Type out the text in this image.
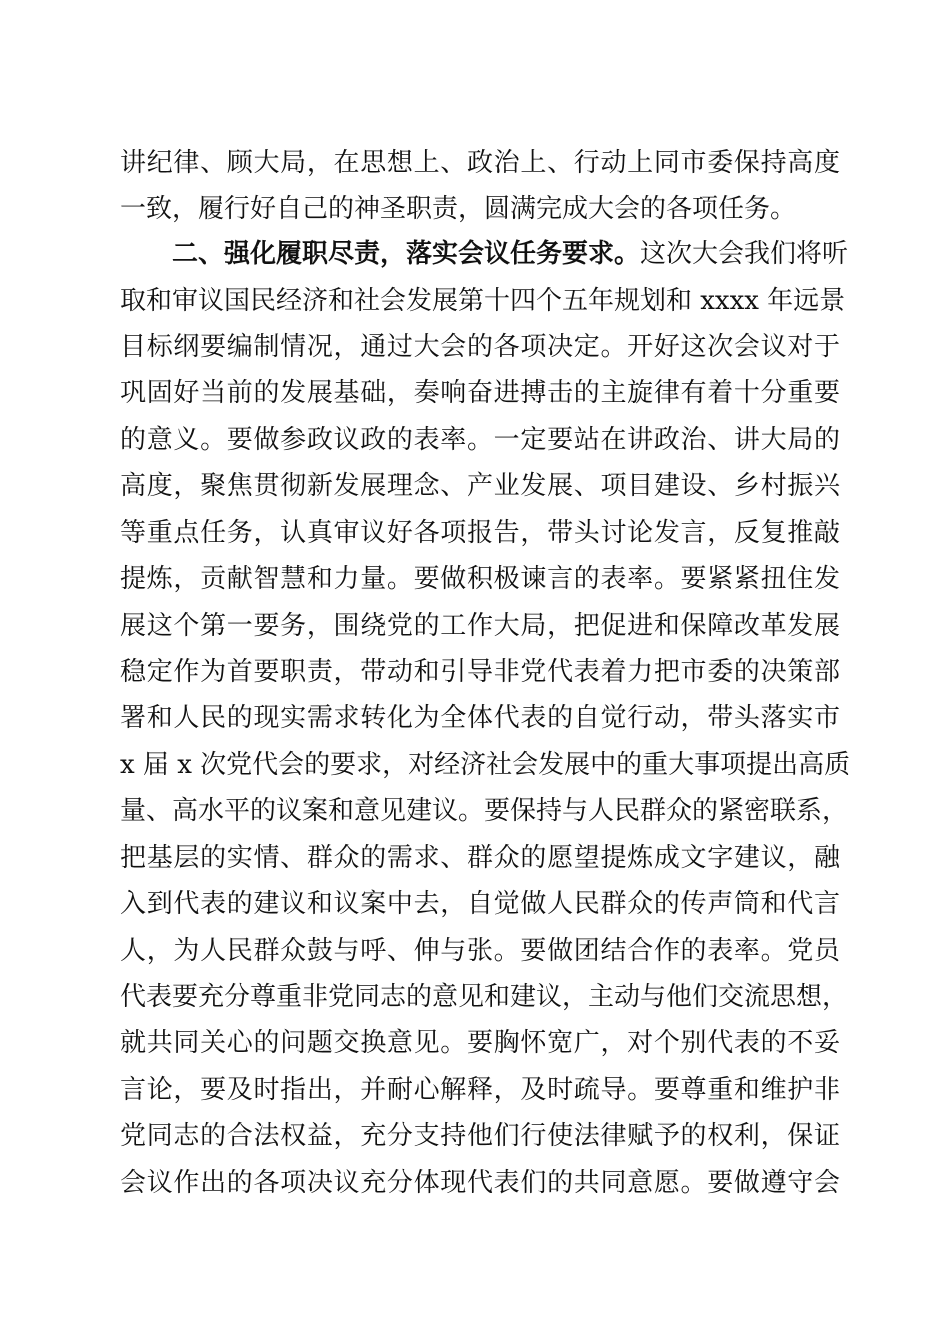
讲纪律、顾大局，在思想上、政治上、行动上同市委保持高度
一致，履行好自己的神圣职责，圆满完成大会的各项任务。
二、强化履职尽责，落实会议任务要求。这次大会我们将听
取和审议国民经济和社会发展第十四个五年规划和 xxxx 年远景
目标纲要编制情况，通过大会的各项决定。开好这次会议对于
巩固好当前的发展基础，奏响奋进搏击的主旋律有着十分重要
的意义。要做参政议政的表率。一定要站在讲政治、讲大局的
高度，聚焦贯彻新发展理念、产业发展、项目建设、乡村振兴
等重点任务，认真审议好各项报告，带头讨论发言，反复推敲
提炼，贡献智慧和力量。要做积极谏言的表率。要紧紧扭住发
展这个第一要务，围绕党的工作大局，把促进和保障改革发展
稳定作为首要职责，带动和引导非党代表着力把市委的决策部
署和人民的现实需求转化为全体代表的自觉行动，带头落实市
x 届 x 次党代会的要求，对经济社会发展中的重大事项提出高质
量、高水平的议案和意见建议。要保持与人民群众的紧密联系，
把基层的实情、群众的需求、群众的愿望提炼成文字建议，融
入到代表的建议和议案中去，自觉做人民群众的传声筒和代言
人，为人民群众鼓与呼、伸与张。要做团结合作的表率。党员
代表要充分尊重非党同志的意见和建议，主动与他们交流思想，
就共同关心的问题交换意见。要胸怀宽广，对个别代表的不妥
言论，要及时指出，并耐心解释，及时疏导。要尊重和维护非
党同志的合法权益，充分支持他们行使法律赋予的权利，保证
会议作出的各项决议充分体现代表们的共同意愿。要做遵守会
